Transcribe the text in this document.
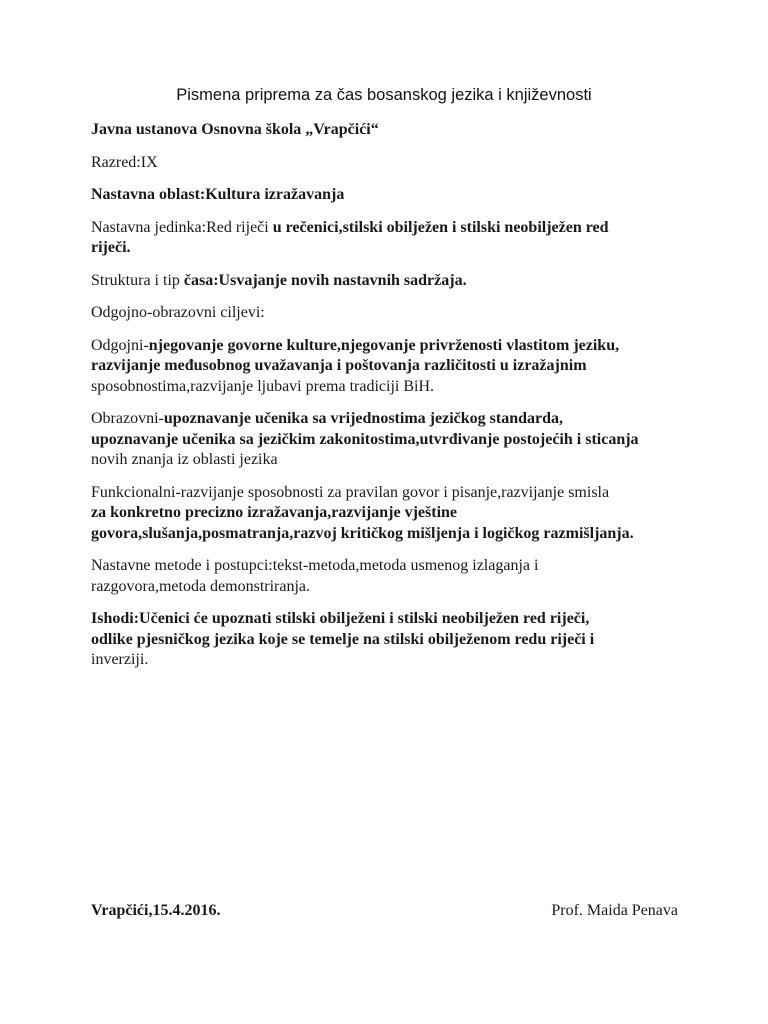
Pismena priprema za čas bosanskog jezika i književnosti

Javna ustanova Osnovna škola „Vrapčići“

Razred:IX

Nastavna oblast:Kultura izražavanja

Nastavna jedinka:Red riječi u rečenici,stilski obilježen i stilski neobilježen red
riječi.

Struktura i tip časa:Usvajanje novih nastavnih sadržaja.

Odgojno-obrazovni ciljevi:

Odgojni-njegovanje govorne kulture,njegovanje privrženosti vlastitom jeziku,
razvijanje međusobnog uvažavanja i poštovanja različitosti u izražajnim
sposobnostima,razvijanje ljubavi prema tradiciji BiH.

Obrazovni-upoznavanje učenika sa vrijednostima jezičkog standarda,
upoznavanje učenika sa jezičkim zakonitostima,utvrđivanje postojećih i sticanja
novih znanja iz oblasti jezika

Funkcionalni-razvijanje sposobnosti za pravilan govor i pisanje,razvijanje smisla
za konkretno precizno izražavanja,razvijanje vještine
govora,slušanja,posmatranja,razvoj kritičkog mišljenja i logičkog razmišljanja.

Nastavne metode i postupci:tekst-metoda,metoda usmenog izlaganja i
razgovora,metoda demonstriranja.

Ishodi:Učenici će upoznati stilski obilježeni i stilski neobilježen red riječi,
odlike pjesničkog jezika koje se temelje na stilski obilježenom redu riječi i
inverziji.

Vrapčići,15.4.2016.	Prof. Maida Penava
